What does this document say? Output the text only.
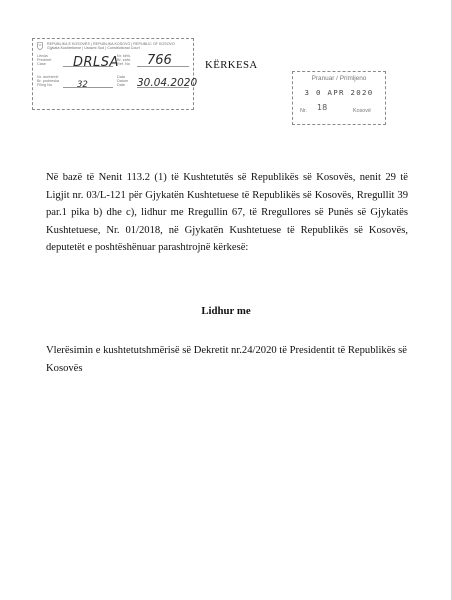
REPUBLIKA E KOSOVËS | REPUBLIKA KOSOVO | REPUBLIC OF KOSOVO
Gjykata Kushtetuese | Ustavni Sud | Constitutional Court
Lënda
Predmet
Case
Nr. dorëzimit
Br. podneska
Filing No
Nr. kërk.
Br. zaht.
Ref. No
Data
Datum
Date
DRLSA 766
32	30.04.2020
KËRKESA
Pranuar / Primljeno
3 0 APR 2020
Nr. 18	Kosovë
Në bazë të Nenit 113.2 (1) të Kushtetutës së Republikës së Kosovës, nenit 29 të Ligjit nr. 03/L-121 për Gjykatën Kushtetuese të Republikës së Kosovës, Rregullit 39 par.1 pika b) dhe c), lidhur me Rregullin 67, të Rregullores së Punës së Gjykatës Kushtetuese, Nr. 01/2018, në Gjykatën Kushtetuese të Republikës së Kosovës, deputetët e poshtëshënuar parashtrojnë kërkesë:
Lidhur me
Vlerësimin e kushtetutshmërisë së Dekretit nr.24/2020 të Presidentit të Republikës së Kosovës
